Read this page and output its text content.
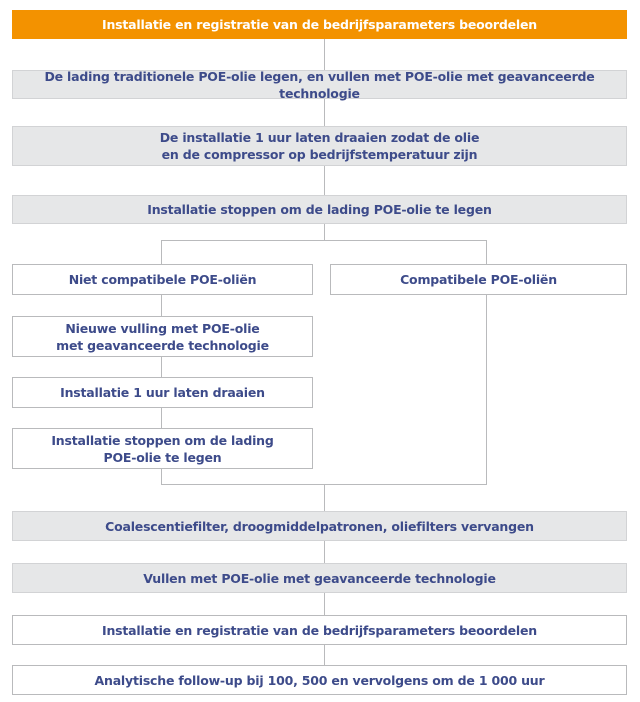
Installatie en registratie van de bedrijfsparameters beoordelen
De lading traditionele POE-olie legen, en vullen met POE-olie met geavanceerde technologie
De installatie 1 uur laten draaien zodat de olie
en de compressor op bedrijfstemperatuur zijn
Installatie stoppen om de lading POE-olie te legen
Niet compatibele POE-oliën	Compatibele POE-oliën
Nieuwe vulling met POE-olie
met geavanceerde technologie
Installatie 1 uur laten draaien
Installatie stoppen om de lading
POE-olie te legen
Coalescentiefilter, droogmiddelpatronen, oliefilters vervangen
Vullen met POE-olie met geavanceerde technologie
Installatie en registratie van de bedrijfsparameters beoordelen
Analytische follow-up bij 100, 500 en vervolgens om de 1 000 uur
